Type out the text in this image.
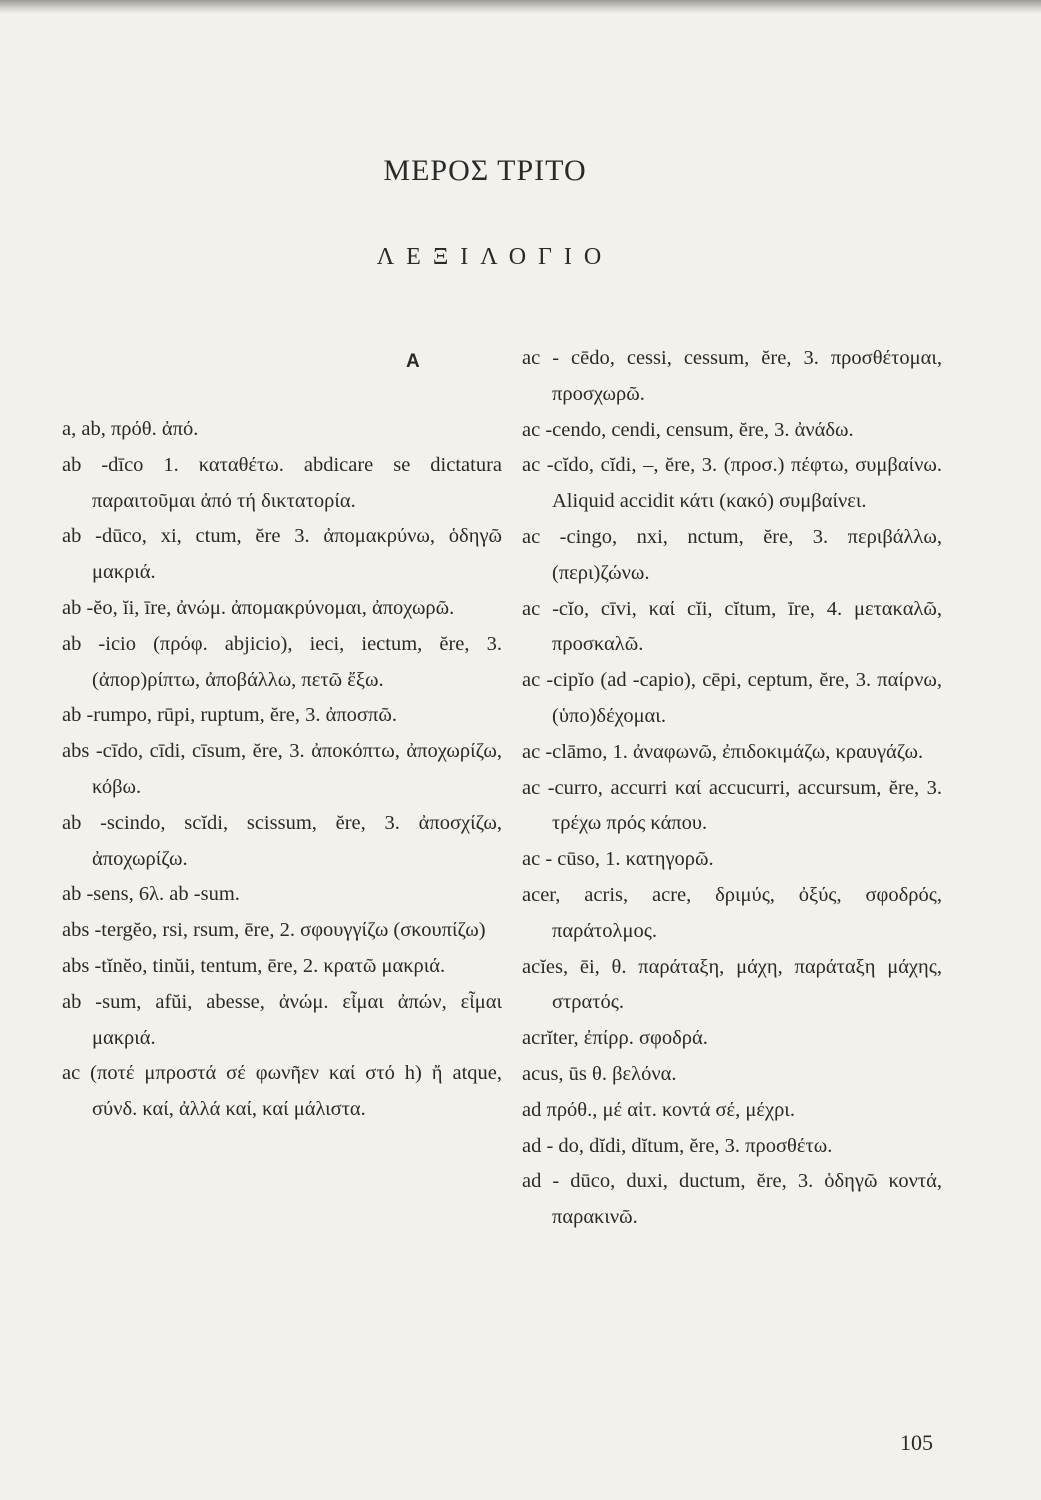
ΜΕΡΟΣ ΤΡΙΤΟ
ΛΕΞΙΛΟΓΙΟ
A

a, ab, πρόθ. ἀπό.

ab -dīco 1. καταθέτω. abdicare se dictatura παραιτοῦμαι ἀπό τή δικτατορία.

ab -dūco, xi, ctum, ĕre 3. ἀπομακρύνω, ὁδηγῶ μακριά.

ab -ĕo, ĭi, īre, ἀνώμ. ἀπομακρύνομαι, ἀποχωρῶ.

ab -icio (πρόφ. abjicio), ieci, iectum, ĕre, 3. (ἀπορ)ρίπτω, ἀποβάλλω, πετῶ ἔξω.

ab -rumpo, rūpi, ruptum, ĕre, 3. ἀποσπῶ.

abs -cīdo, cīdi, cīsum, ĕre, 3. ἀποκόπτω, ἀποχωρίζω, κόβω.

ab -scindo, scĭdi, scissum, ĕre, 3. ἀποσχίζω, ἀποχωρίζω.

ab -sens, 6λ. ab -sum.

abs -tergĕo, rsi, rsum, ēre, 2. σφουγγίζω (σκουπίζω)

abs -tĭnĕo, tinŭi, tentum, ēre, 2. κρατῶ μακριά.

ab -sum, afŭi, abesse, ἀνώμ. εἶμαι ἀπών, εἶμαι μακριά.

ac (ποτέ μπροστά σέ φωνῆεν καί στό h) ἤ atque, σύνδ. καί, ἀλλά καί, καί μάλιστα.

ac - cēdo, cessi, cessum, ĕre, 3. προσθέτομαι, προσχωρῶ.

ac -cendo, cendi, censum, ĕre, 3. ἀνάδω.

ac -cĭdo, cĭdi, –, ĕre, 3. (προσ.) πέφτω, συμβαίνω. Aliquid accidit κάτι (κακό) συμβαίνει.

ac -cingo, nxi, nctum, ĕre, 3. περιβάλλω, (περι)ζώνω.

ac -cĭo, cīvi, καί cĭi, cĭtum, īre, 4. μετακαλῶ, προσκαλῶ.

ac -cipĭo (ad -capio), cēpi, ceptum, ĕre, 3. παίρνω, (ὑπο)δέχομαι.

ac -clāmo, 1. ἀναφωνῶ, ἐπιδοκιμάζω, κραυγάζω.

ac -curro, accurri καί accucurri, accursum, ĕre, 3. τρέχω πρός κάπου.

ac - cūso, 1. κατηγορῶ.

acer, acris, acre, δριμύς, ὀξύς, σφοδρός, παράτολμος.

acĭes, ēi, θ. παράταξη, μάχη, παράταξη μάχης, στρατός.

acrĭter, ἐπίρρ. σφοδρά.

acus, ūs θ. βελόνα.

ad πρόθ., μέ αἰτ. κοντά σέ, μέχρι.

ad - do, dĭdi, dĭtum, ĕre, 3. προσθέτω.

ad - dūco, duxi, ductum, ĕre, 3. ὁδηγῶ κοντά, παρακινῶ.

105
